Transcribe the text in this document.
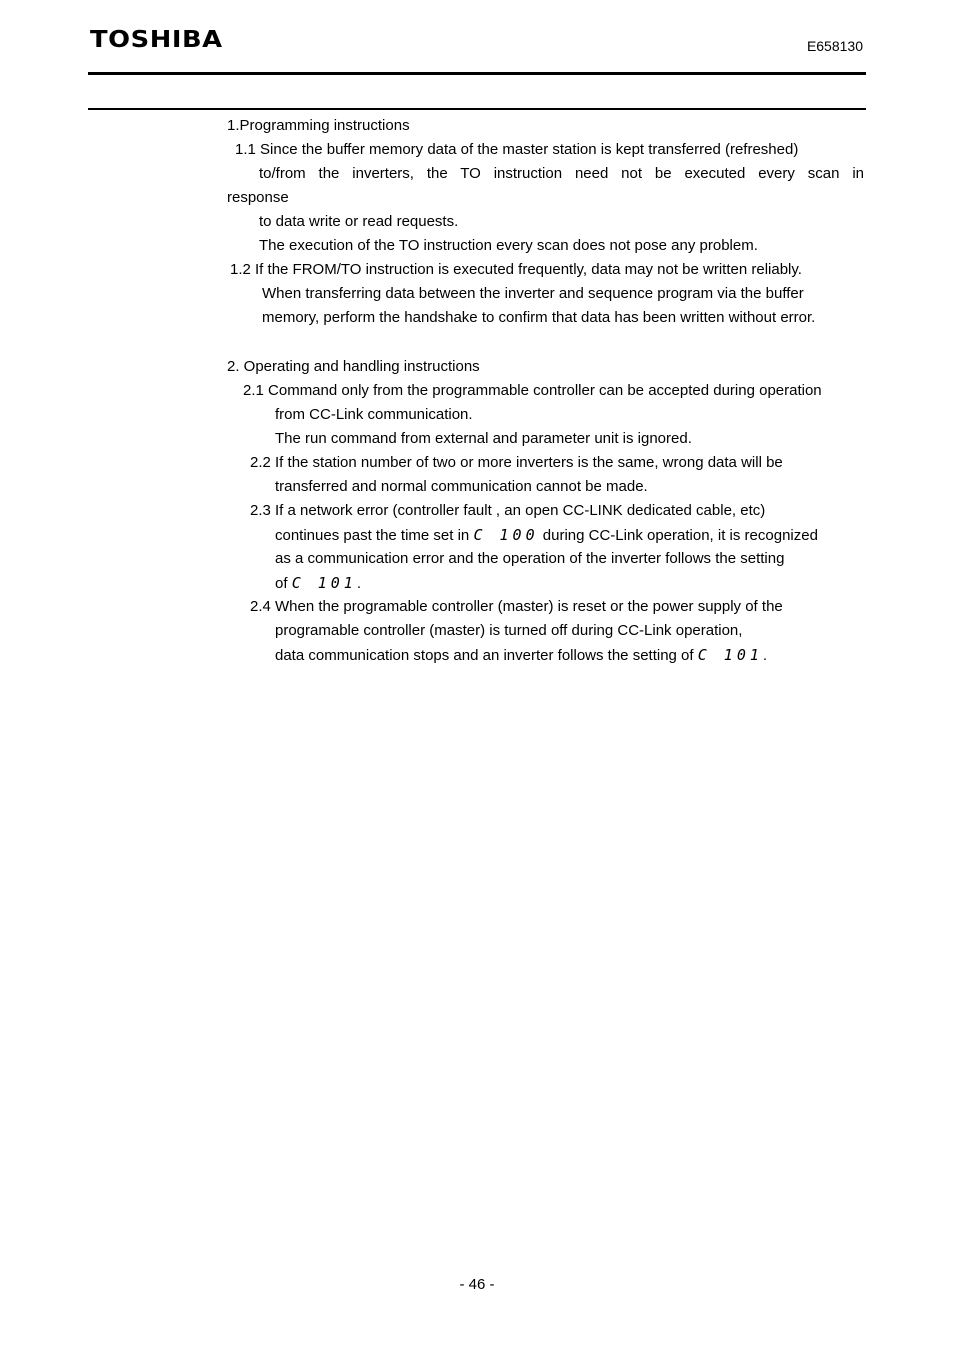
TOSHIBA	E658130
1.Programming instructions
1.1 Since the buffer memory data of the master station is kept transferred (refreshed)
to/from the inverters, the TO instruction need not be executed every scan in
response
to data write or read requests.
The execution of the TO instruction every scan does not pose any problem.
1.2 If the FROM/TO instruction is executed frequently, data may not be written reliably.
When transferring data between the inverter and sequence program via the buffer
memory, perform the handshake to confirm that data has been written without error.
2. Operating and handling instructions
2.1 Command only from the programmable controller can be accepted during operation
from CC-Link communication.
The run command from external and parameter unit is ignored.
2.2 If the station number of two or more inverters is the same, wrong data will be
transferred and normal communication cannot be made.
2.3 If a network error (controller fault , an open CC-LINK dedicated cable, etc)
continues past the time set in C 100 during CC-Link operation, it is recognized
as a communication error and the operation of the inverter follows the setting
of C 101.
2.4 When the programable controller (master) is reset or the power supply of the
programable controller (master) is turned off during CC-Link operation,
data communication stops and an inverter follows the setting of C 101.
- 46 -
